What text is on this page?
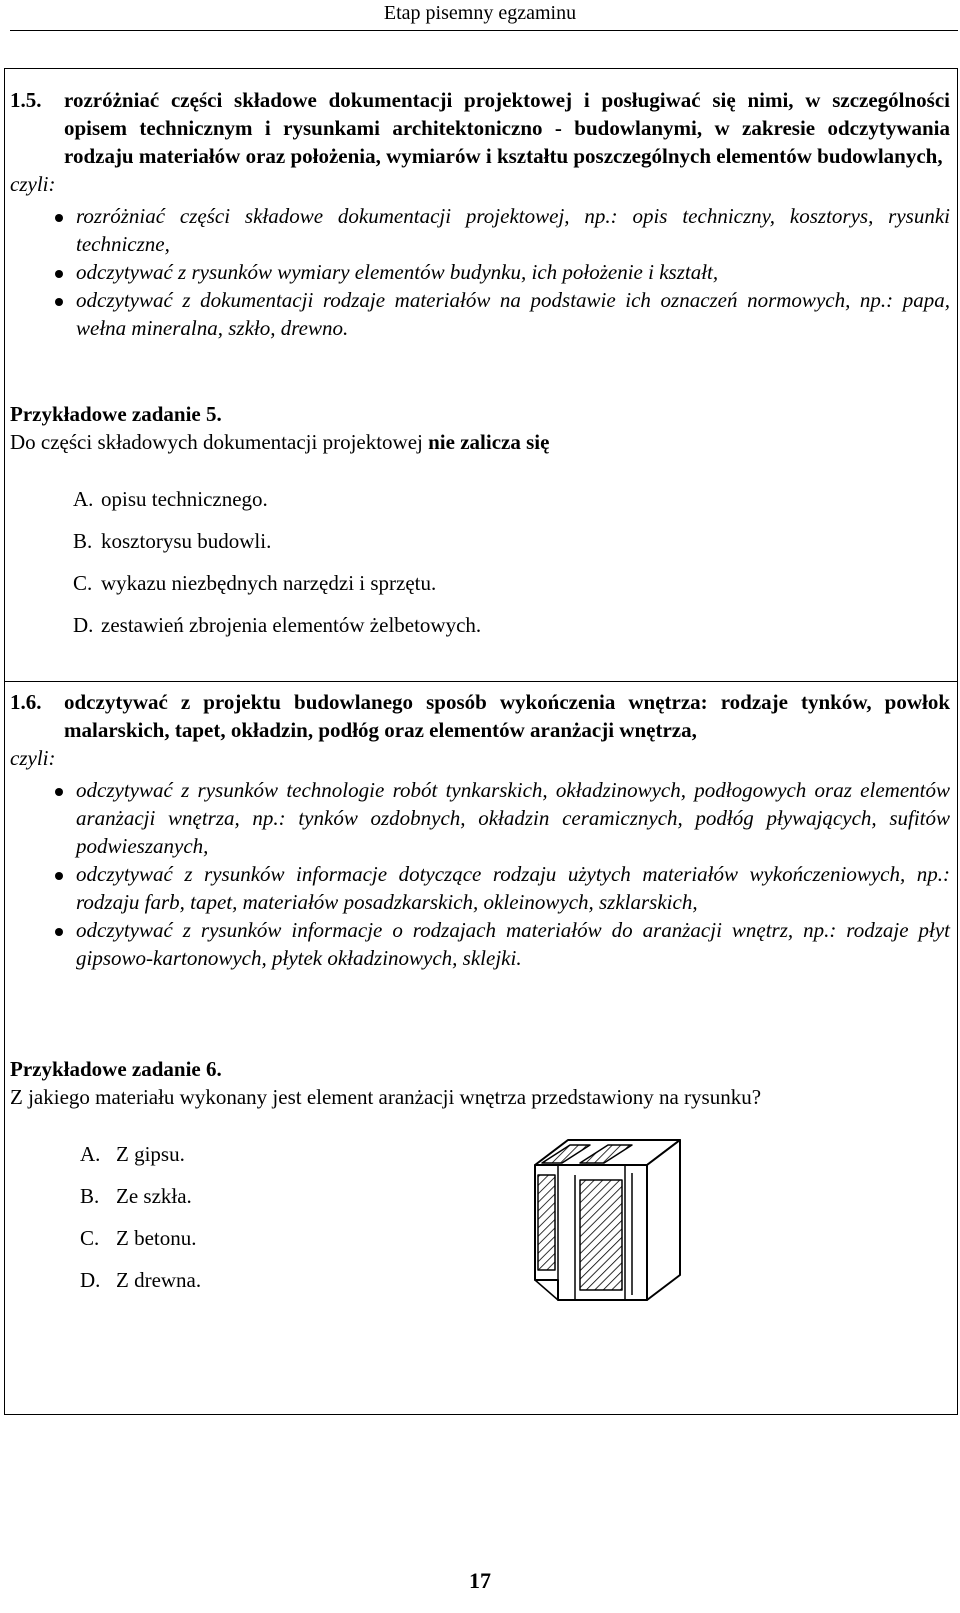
Etap pisemny egzaminu
1.5. rozróżniać części składowe dokumentacji projektowej i posługiwać się nimi, w szczególności opisem technicznym i rysunkami architektoniczno - budowlanymi, w zakresie odczytywania rodzaju materiałów oraz położenia, wymiarów i kształtu poszczególnych elementów budowlanych,
czyli:
rozróżniać części składowe dokumentacji projektowej, np.: opis techniczny, kosztorys, rysunki techniczne,
odczytywać z rysunków wymiary elementów budynku, ich położenie i kształt,
odczytywać z dokumentacji rodzaje materiałów na podstawie ich oznaczeń normowych, np.: papa, wełna mineralna, szkło, drewno.
Przykładowe zadanie 5.
Do części składowych dokumentacji projektowej nie zalicza się
A. opisu technicznego.
B. kosztorysu budowli.
C. wykazu niezbędnych narzędzi i sprzętu.
D. zestawień zbrojenia elementów żelbetowych.
1.6. odczytywać z projektu budowlanego sposób wykończenia wnętrza: rodzaje tynków, powłok malarskich, tapet, okładzin, podłóg oraz elementów aranżacji wnętrza,
czyli:
odczytywać z rysunków technologie robót tynkarskich, okładzinowych, podłogowych oraz elementów aranżacji wnętrza, np.: tynków ozdobnych, okładzin ceramicznych, podłóg pływających, sufitów podwieszanych,
odczytywać z rysunków informacje dotyczące rodzaju użytych materiałów wykończeniowych, np.: rodzaju farb, tapet, materiałów posadzkarskich, okleinowych, szklarskich,
odczytywać z rysunków informacje o rodzajach materiałów do aranżacji wnętrz, np.: rodzaje płyt gipsowo-kartonowych, płytek okładzinowych, sklejki.
Przykładowe zadanie 6.
Z jakiego materiału wykonany jest element aranżacji wnętrza przedstawiony na rysunku?
A. Z gipsu.
B. Ze szkła.
C. Z betonu.
D. Z drewna.
17
